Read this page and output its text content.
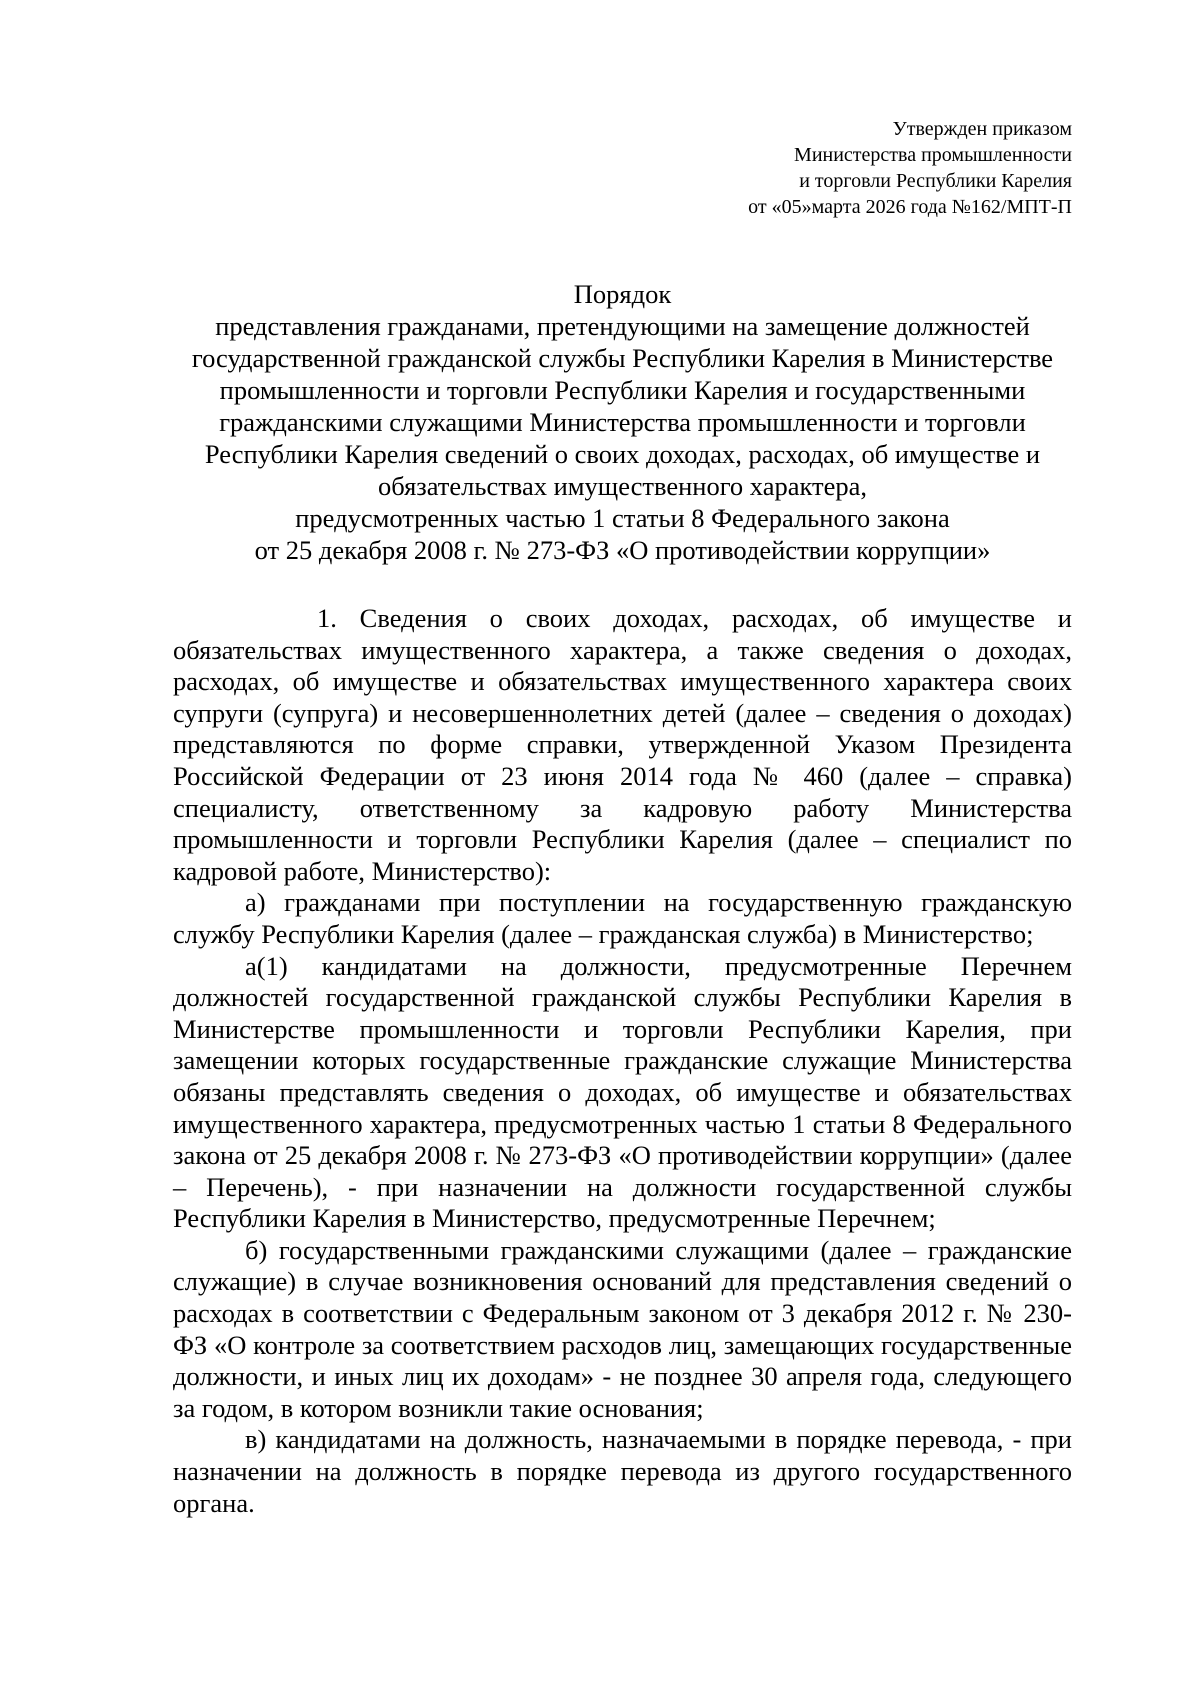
Утвержден приказом
Министерства промышленности
и торговли Республики Карелия
от «05»марта 2026 года №162/МПТ-П
Порядок
представления гражданами, претендующими на замещение должностей
государственной гражданской службы Республики Карелия в Министерстве
промышленности и торговли Республики Карелия и государственными
гражданскими служащими Министерства промышленности и торговли
Республики Карелия сведений о своих доходах, расходах, об имуществе и
обязательствах имущественного характера,
предусмотренных частью 1 статьи 8 Федерального закона
от 25 декабря 2008 г. № 273-ФЗ «О противодействии коррупции»

1. Сведения о своих доходах, расходах, об имуществе и обязательствах имущественного характера, а также сведения о доходах, расходах, об имуществе и обязательствах имущественного характера своих супруги (супруга) и несовершеннолетних детей (далее – сведения о доходах) представляются по форме справки, утвержденной Указом Президента Российской Федерации от 23 июня 2014 года № 460 (далее – справка) специалисту, ответственному за кадровую работу Министерства промышленности и торговли Республики Карелия (далее – специалист по кадровой работе, Министерство):

а) гражданами при поступлении на государственную гражданскую службу Республики Карелия (далее – гражданская служба) в Министерство;

а(1) кандидатами на должности, предусмотренные Перечнем должностей государственной гражданской службы Республики Карелия в Министерстве промышленности и торговли Республики Карелия, при замещении которых государственные гражданские служащие Министерства обязаны представлять сведения о доходах, об имуществе и обязательствах имущественного характера, предусмотренных частью 1 статьи 8 Федерального закона от 25 декабря 2008 г. № 273-ФЗ «О противодействии коррупции» (далее – Перечень), - при назначении на должности государственной службы Республики Карелия в Министерство, предусмотренные Перечнем;

б) государственными гражданскими служащими (далее – гражданские служащие) в случае возникновения оснований для представления сведений о расходах в соответствии с Федеральным законом от 3 декабря 2012 г. № 230-ФЗ «О контроле за соответствием расходов лиц, замещающих государственные должности, и иных лиц их доходам» - не позднее 30 апреля года, следующего за годом, в котором возникли такие основания;

в) кандидатами на должность, назначаемыми в порядке перевода, - при назначении на должность в порядке перевода из другого государственного органа.
